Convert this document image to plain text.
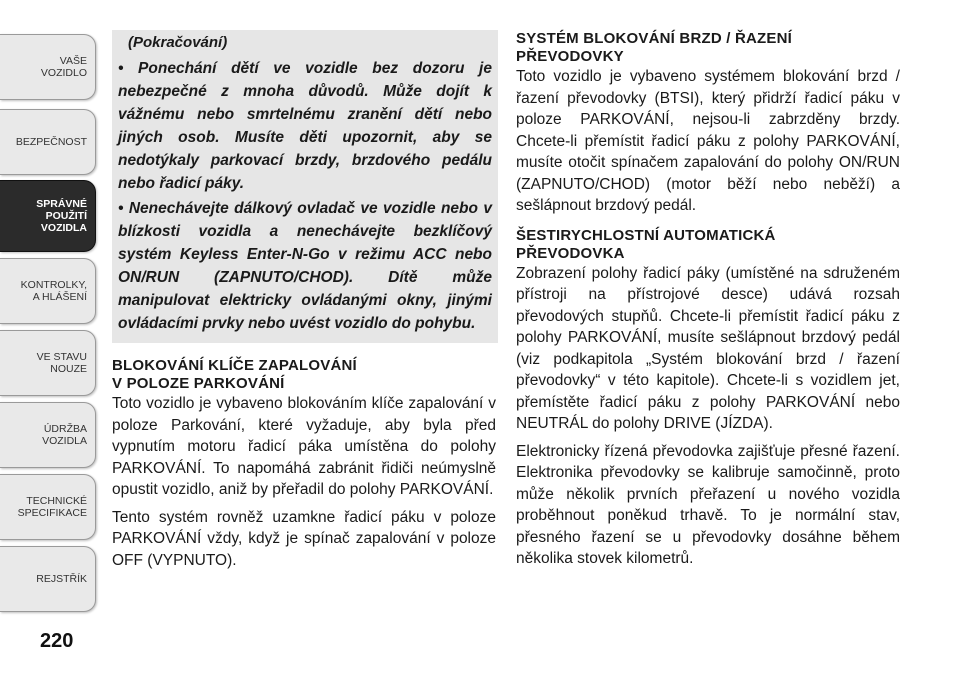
VAŠE
VOZIDLO
BEZPEČNOST
SPRÁVNÉ
POUŽITÍ
VOZIDLA
KONTROLKY,
A HLÁŠENÍ
VE STAVU
NOUZE
ÚDRŽBA
VOZIDLA
TECHNICKÉ
SPECIFIKACE
REJSTŘÍK
220
(Pokračování)
• Ponechání dětí ve vozidle bez dozoru je nebezpečné z mnoha důvodů. Může dojít k vážnému nebo smrtelnému zranění dětí nebo jiných osob. Musíte děti upozornit, aby se nedotýkaly parkovací brzdy, brzdového pedálu nebo řadicí páky.
• Nenechávejte dálkový ovladač ve vozidle nebo v blízkosti vozidla a nenechávejte bezklíčový systém Keyless Enter-N-Go v režimu ACC nebo ON/RUN (ZAPNUTO/CHOD). Dítě může manipulovat elektricky ovládanými okny, jinými ovládacími prvky nebo uvést vozidlo do pohybu.
BLOKOVÁNÍ KLÍČE ZAPALOVÁNÍ
V POLOZE PARKOVÁNÍ

Toto vozidlo je vybaveno blokováním klíče zapalování v poloze Parkování, které vyžaduje, aby byla před vypnutím motoru řadicí páka umístěna do polohy PARKOVÁNÍ. To napomáhá zabránit řidiči neúmyslně opustit vozidlo, aniž by přeřadil do polohy PARKOVÁNÍ.

Tento systém rovněž uzamkne řadicí páku v poloze PARKOVÁNÍ vždy, když je spínač zapalování v poloze OFF (VYPNUTO).

SYSTÉM BLOKOVÁNÍ BRZD / ŘAZENÍ
PŘEVODOVKY

Toto vozidlo je vybaveno systémem blokování brzd / řazení převodovky (BTSI), který přidrží řadicí páku v poloze PARKOVÁNÍ, nejsou-li zabrzděny brzdy. Chcete-li přemístit řadicí páku z polohy PARKOVÁNÍ, musíte otočit spínačem zapalování do polohy ON/RUN (ZAPNUTO/CHOD) (motor běží nebo neběží) a sešlápnout brzdový pedál.

ŠESTIRYCHLOSTNÍ AUTOMATICKÁ
PŘEVODOVKA

Zobrazení polohy řadicí páky (umístěné na sdruženém přístroji na přístrojové desce) udává rozsah převodových stupňů. Chcete-li přemístit řadicí páku z polohy PARKOVÁNÍ, musíte sešlápnout brzdový pedál (viz podkapitola „Systém blokování brzd / řazení převodovky“ v této kapitole). Chcete-li s vozidlem jet, přemístěte řadicí páku z polohy PARKOVÁNÍ nebo NEUTRÁL do polohy DRIVE (JÍZDA).

Elektronicky řízená převodovka zajišťuje přesné řazení. Elektronika převodovky se kalibruje samočinně, proto může několik prvních přeřazení u nového vozidla proběhnout poněkud trhavě. To je normální stav, přesného řazení se u převodovky dosáhne během několika stovek kilometrů.
